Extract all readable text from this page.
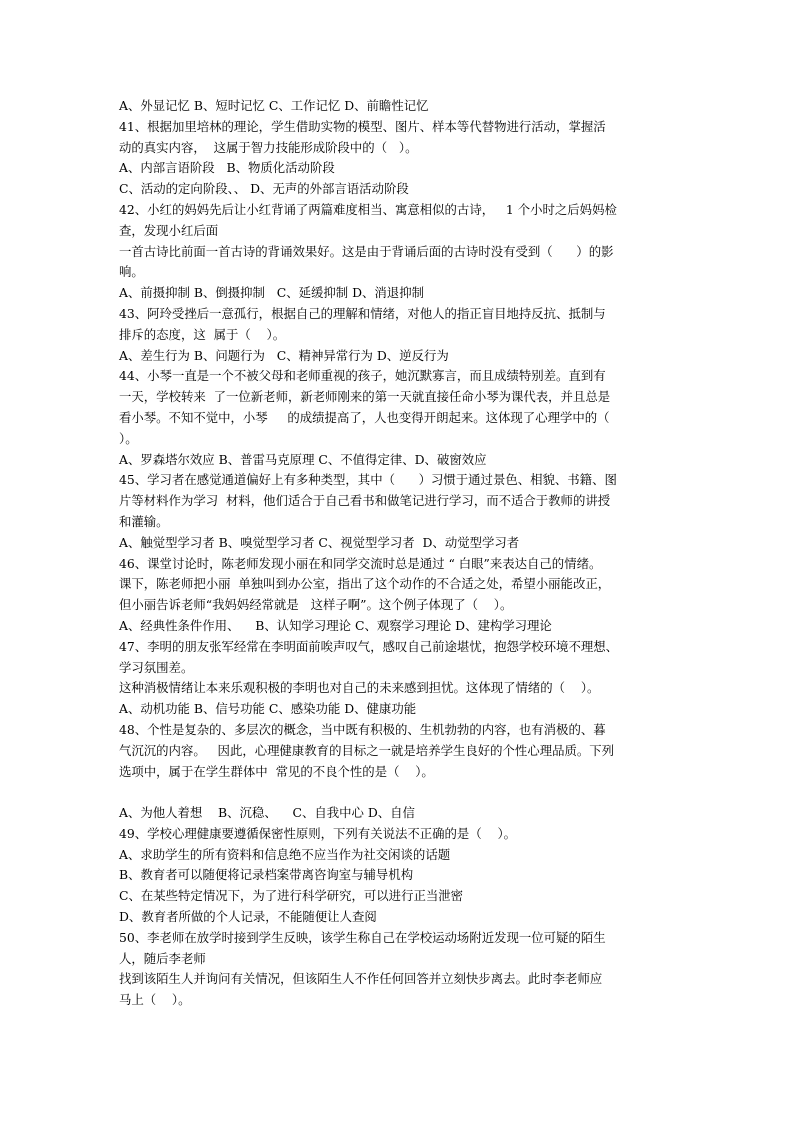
A、外显记忆 B、短时记忆 C、工作记忆 D、前瞻性记忆
41、根据加里培林的理论，学生借助实物的模型、图片、样本等代替物进行活动，掌握活
动的真实内容，  这属于智力技能形成阶段中的（   ）。
A、内部言语阶段   B、物质化活动阶段
C、活动的定向阶段、、 D、无声的外部言语活动阶段
42、小红的妈妈先后让小红背诵了两篇难度相当、寓意相似的古诗，   1 个小时之后妈妈检
查，发现小红后面
一首古诗比前面一首古诗的背诵效果好。这是由于背诵后面的古诗时没有受到（      ）的影
响。
A、前摄抑制 B、倒摄抑制   C、延缓抑制 D、消退抑制
43、阿玲受挫后一意孤行，根据自己的理解和情绪，对他人的指正盲目地持反抗、抵制与
排斥的态度，这  属于（    ）。
A、差生行为 B、问题行为   C、精神异常行为 D、逆反行为
44、小琴一直是一个不被父母和老师重视的孩子，她沉默寡言，而且成绩特别差。直到有
一天，学校转来  了一位新老师，新老师刚来的第一天就直接任命小琴为课代表，并且总是
看小琴。不知不觉中，小琴     的成绩提高了，人也变得开朗起来。这体现了心理学中的（
）。
A、罗森塔尔效应 B、普雷马克原理 C、不值得定律、D、破窗效应
45、学习者在感觉通道偏好上有多种类型，其中（      ）习惯于通过景色、相貌、书籍、图
片等材料作为学习  材料，他们适合于自己看书和做笔记进行学习，而不适合于教师的讲授
和灌输。
A、触觉型学习者 B、嗅觉型学习者 C、视觉型学习者  D、动觉型学习者
46、课堂讨论时，陈老师发现小丽在和同学交流时总是通过 “ 白眼”来表达自己的情绪。
课下，陈老师把小丽  单独叫到办公室，指出了这个动作的不合适之处，希望小丽能改正，
但小丽告诉老师“我妈妈经常就是   这样子啊”。这个例子体现了（    ）。
A、经典性条件作用、    B、认知学习理论 C、观察学习理论 D、建构学习理论
47、李明的朋友张军经常在李明面前唉声叹气，感叹自己前途堪忧，抱怨学校环境不理想、
学习氛围差。
这种消极情绪让本来乐观积极的李明也对自己的未来感到担忧。这体现了情绪的（    ）。
A、动机功能 B、信号功能 C、感染功能 D、健康功能
48、个性是复杂的、多层次的概念，当中既有积极的、生机勃勃的内容，也有消极的、暮
气沉沉的内容。   因此，心理健康教育的目标之一就是培养学生良好的个性心理品质。下列
选项中，属于在学生群体中  常见的不良个性的是（    ）。
A、为他人着想    B、沉稳、    C、自我中心 D、自信
49、学校心理健康要遵循保密性原则，下列有关说法不正确的是（    ）。
A、求助学生的所有资料和信息绝不应当作为社交闲谈的话题
B、教育者可以随便将记录档案带离咨询室与辅导机构
C、在某些特定情况下，为了进行科学研究，可以进行正当泄密
D、教育者所做的个人记录，不能随便让人查阅
50、李老师在放学时接到学生反映，该学生称自己在学校运动场附近发现一位可疑的陌生
人，随后李老师
找到该陌生人并询问有关情况，但该陌生人不作任何回答并立刻快步离去。此时李老师应
马上（    ）。
